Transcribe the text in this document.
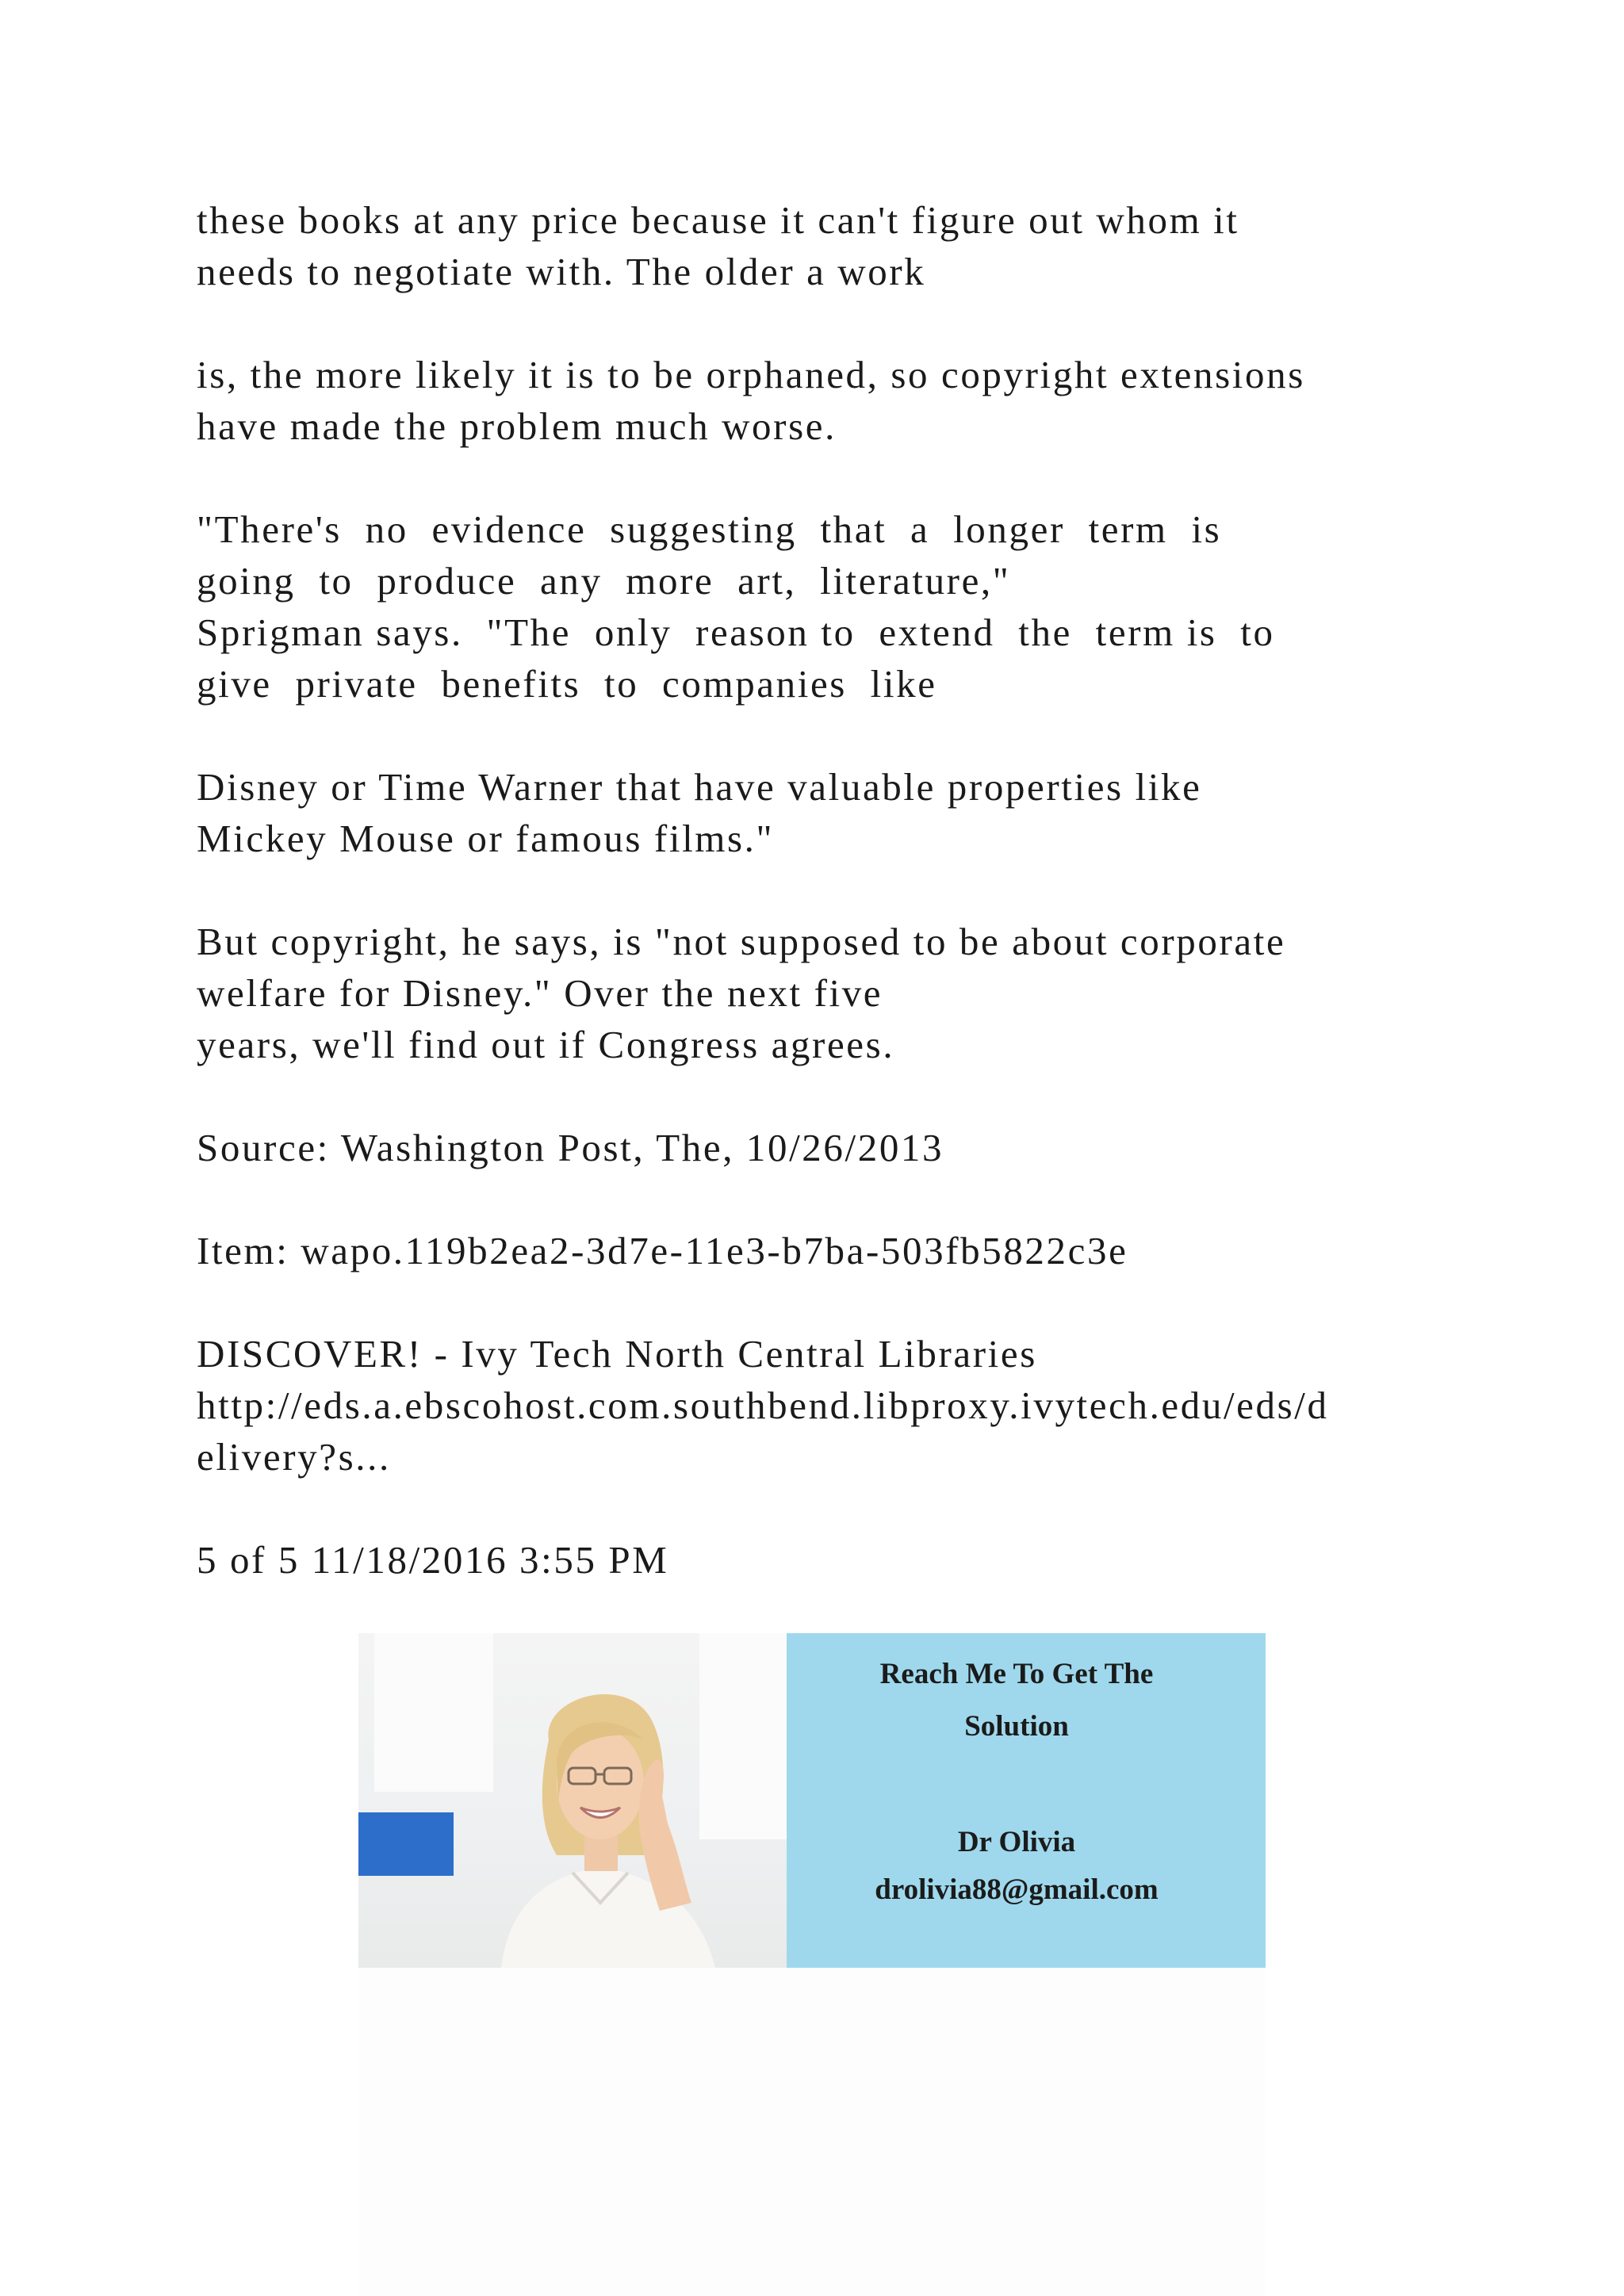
these books at any price because it can't figure out whom it
needs to negotiate with. The older a work
is, the more likely it is to be orphaned, so copyright extensions
have made the problem much worse.
"There's  no  evidence  suggesting  that  a  longer  term  is
going  to  produce  any  more  art,  literature,"
Sprigman says.  "The  only  reason to  extend  the  term is  to
give  private  benefits  to  companies  like
Disney or Time Warner that have valuable properties like
Mickey Mouse or famous films."
But copyright, he says, is "not supposed to be about corporate
welfare for Disney." Over the next five
years, we'll find out if Congress agrees.
Source: Washington Post, The, 10/26/2013
Item: wapo.119b2ea2-3d7e-11e3-b7ba-503fb5822c3e
DISCOVER! - Ivy Tech North Central Libraries
http://eds.a.ebscohost.com.southbend.libproxy.ivytech.edu/eds/d
elivery?s...
5 of 5 11/18/2016 3:55 PM
Reach Me To Get The
Solution
Dr Olivia
drolivia88@gmail.com
